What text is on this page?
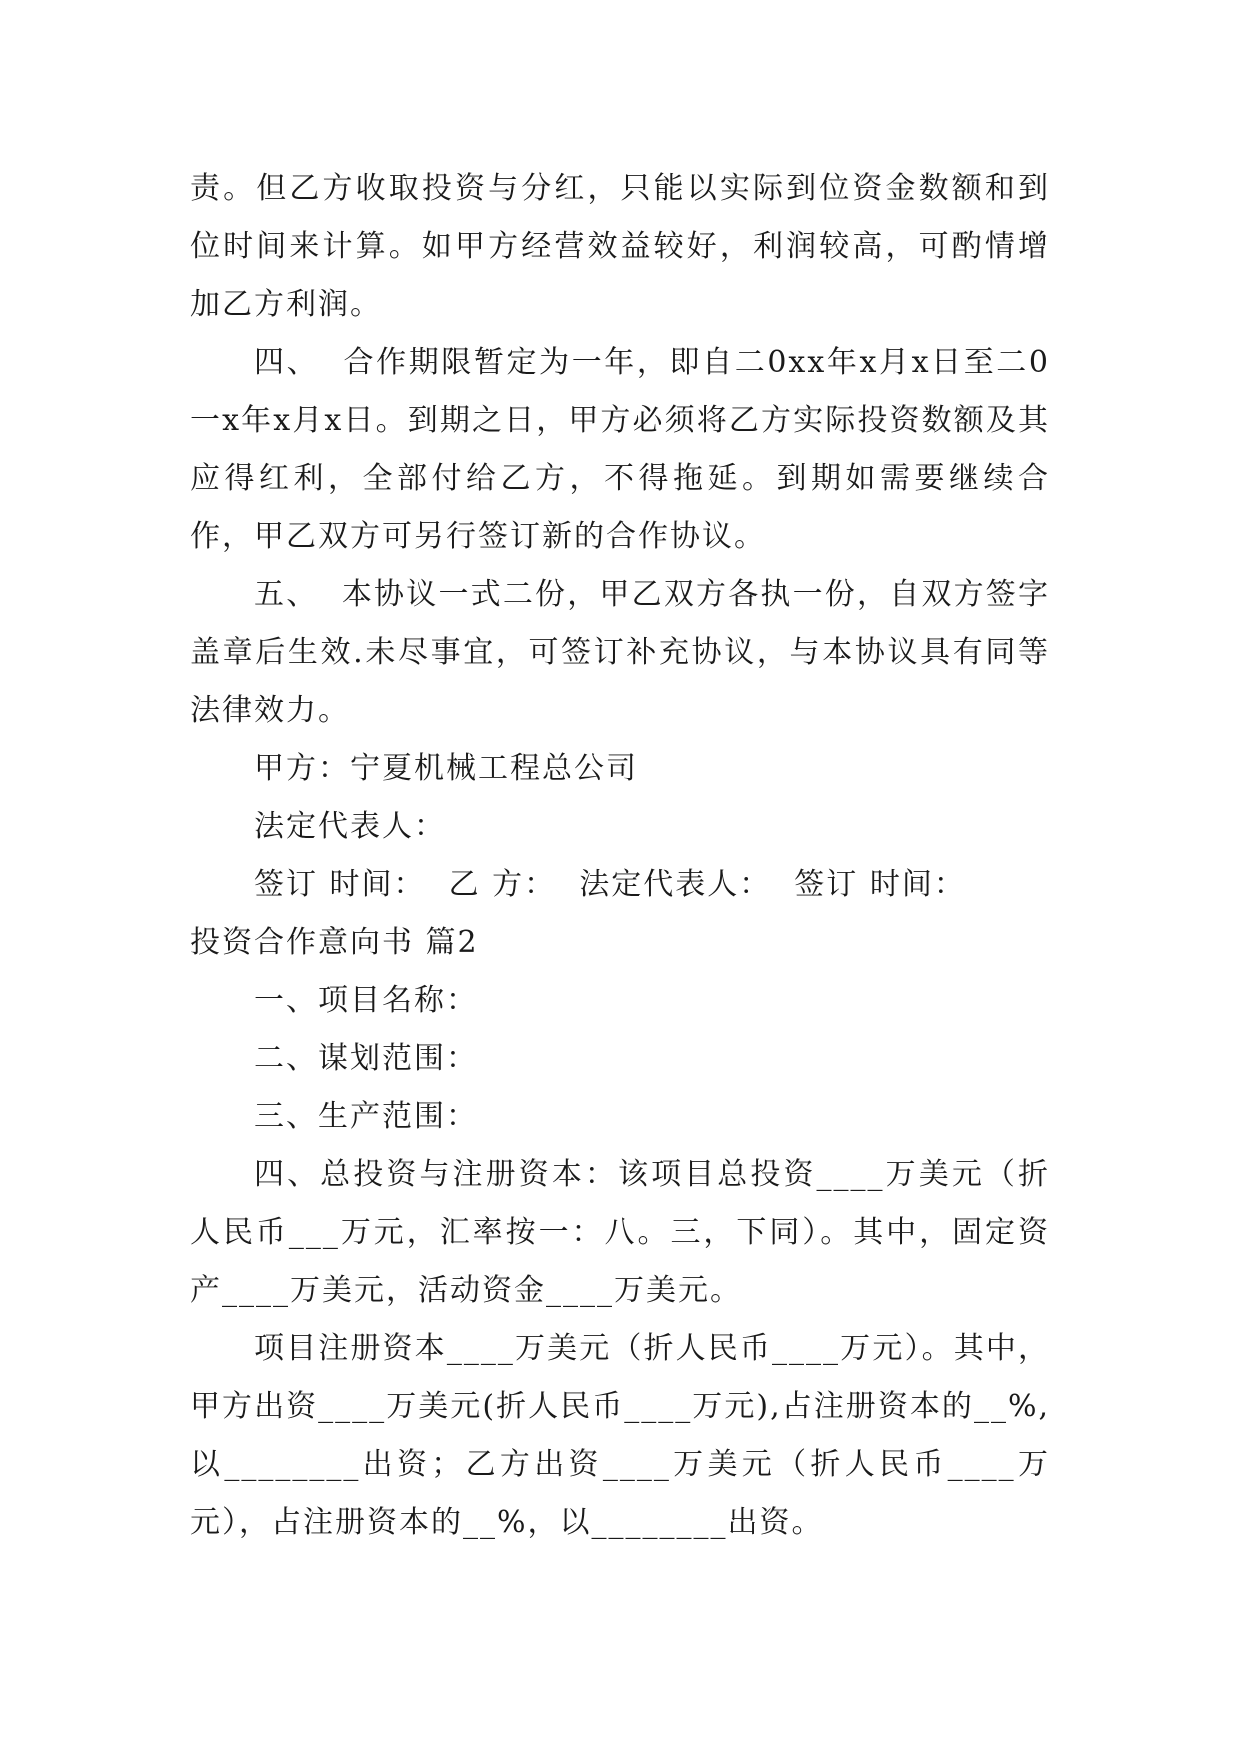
责。但乙方收取投资与分红，只能以实际到位资金数额和到位时间来计算。如甲方经营效益较好，利润较高，可酌情增加乙方利润。

四、  合作期限暂定为一年，即自二0xx年x月x日至二0一x年x月x日。到期之日，甲方必须将乙方实际投资数额及其应得红利，全部付给乙方，不得拖延。到期如需要继续合作，甲乙双方可另行签订新的合作协议。

五、  本协议一式二份，甲乙双方各执一份，自双方签字盖章后生效.未尽事宜，可签订补充协议，与本协议具有同等法律效力。

甲方：宁夏机械工程总公司

法定代表人：

签订 时间：  乙 方：  法定代表人：  签订 时间：

投资合作意向书 篇2

一、项目名称：

二、谋划范围：

三、生产范围：

四、总投资与注册资本：该项目总投资____万美元（折人民币___万元，汇率按一：八。三，下同）。其中，固定资产____万美元，活动资金____万美元。

项目注册资本____万美元（折人民币____万元）。其中，甲方出资____万美元(折人民币____万元),占注册资本的__%,以________出资；乙方出资____万美元（折人民币____万元），占注册资本的__%，以________出资。
